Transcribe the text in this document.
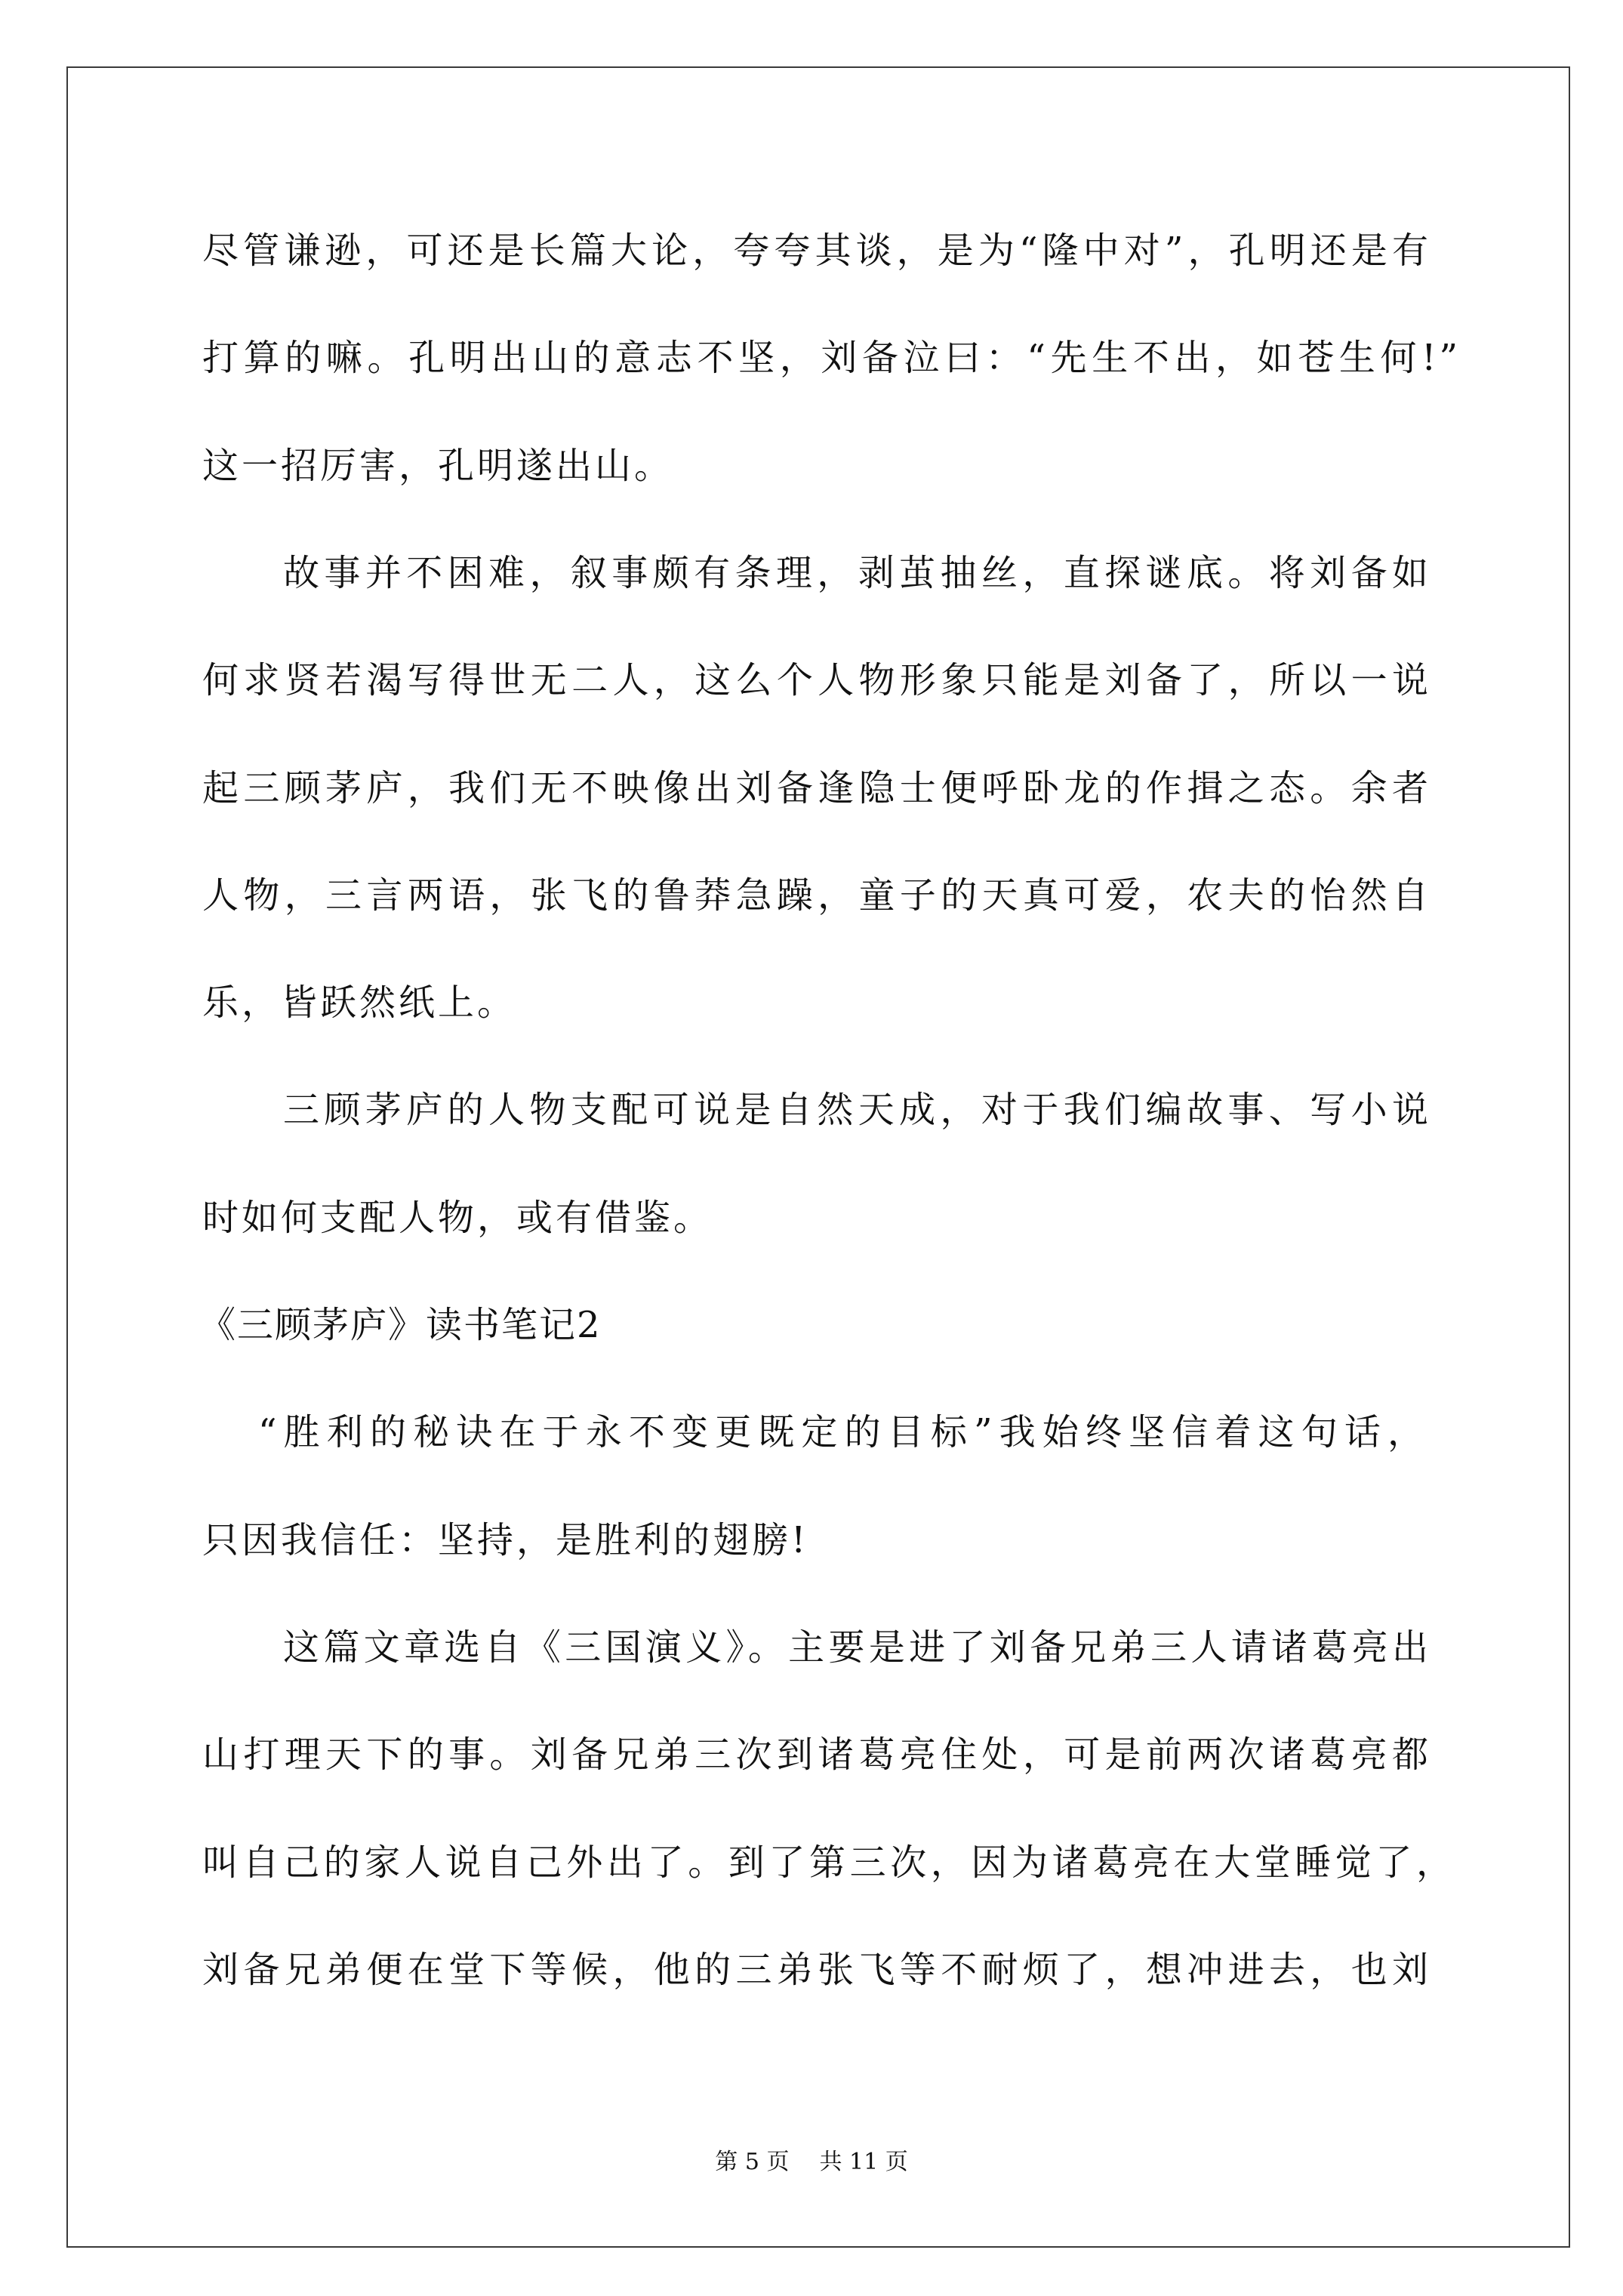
尽管谦逊，可还是长篇大论，夸夸其谈，是为“隆中对”，孔明还是有
打算的嘛。孔明出山的意志不坚，刘备泣曰：“先生不出，如苍生何!”
这一招厉害，孔明遂出山。
故事并不困难，叙事颇有条理，剥茧抽丝，直探谜底。将刘备如
何求贤若渴写得世无二人，这么个人物形象只能是刘备了，所以一说
起三顾茅庐，我们无不映像出刘备逢隐士便呼卧龙的作揖之态。余者
人物，三言两语，张飞的鲁莽急躁，童子的天真可爱，农夫的怡然自
乐，皆跃然纸上。
三顾茅庐的人物支配可说是自然天成，对于我们编故事、写小说
时如何支配人物，或有借鉴。
《三顾茅庐》读书笔记2
“胜利的秘诀在于永不变更既定的目标”我始终坚信着这句话，
只因我信任：坚持，是胜利的翅膀!
这篇文章选自《三国演义》。主要是进了刘备兄弟三人请诸葛亮出
山打理天下的事。刘备兄弟三次到诸葛亮住处，可是前两次诸葛亮都
叫自己的家人说自己外出了。到了第三次，因为诸葛亮在大堂睡觉了，
刘备兄弟便在堂下等候，他的三弟张飞等不耐烦了，想冲进去，也刘
第 5 页 共 11 页
